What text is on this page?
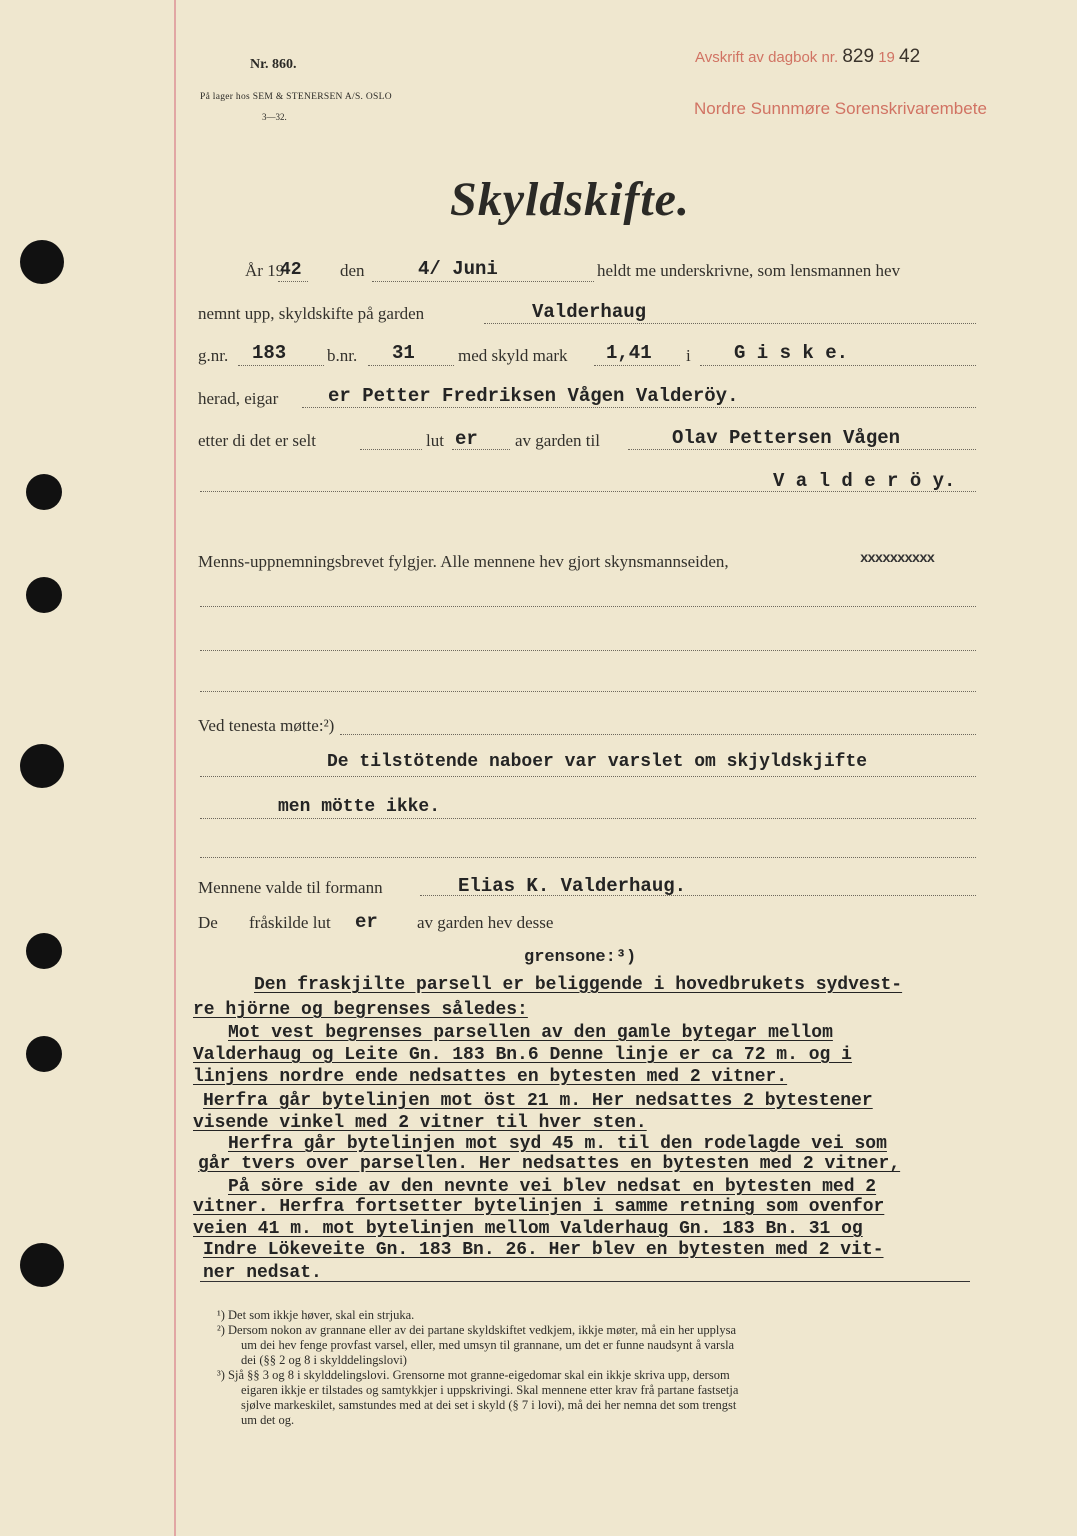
Nr. 860.
På lager hos SEM & STENERSEN A/S. OSLO
3—32.
Avskrift av dagbok nr. 829 19 42
Nordre Sunnmøre Sorenskrivarembete
Skyldskifte.
År 19
42 den	4/ Juni	heldt me underskrivne, som lensmannen hev
nemnt upp, skyldskifte på garden	Valderhaug
g.nr. 183 b.nr. 31	med skyld mark 1,41 i G i s k e.
herad, eigar	er Petter Fredriksen Vågen Valderöy.
etter di det er selt	lut er av garden til	Olav Pettersen Vågen
V a l d e r ö y.
Menns-uppnemningsbrevet fylgjer. Alle mennene hev gjort skynsmannseiden,	xxxxxxxxxx
Ved tenesta møtte:²)
De tilstötende naboer var varslet om skjyldskjifte
men mötte ikke.
Mennene valde til formann	Elias K. Valderhaug.
De fråskilde lut er av garden hev desse
grensone:³)
Den fraskjilte parsell er beliggende i hovedbrukets sydvest-
re hjörne og begrenses således:
Mot vest begrenses parsellen av den gamle bytegar mellom
Valderhaug og Leite Gn. 183 Bn.6 Denne linje er ca 72 m. og i
linjens nordre ende nedsattes en bytesten med 2 vitner.
Herfra går bytelinjen mot öst 21 m. Her nedsattes 2 bytestener
visende vinkel med 2 vitner til hver sten.
Herfra går bytelinjen mot syd 45 m. til den rodelagde vei som
går tvers over parsellen. Her nedsattes en bytesten med 2 vitner,
På söre side av den nevnte vei blev nedsat en bytesten med 2
vitner. Herfra fortsetter bytelinjen i samme retning som ovenfor
veien 41 m. mot bytelinjen mellom Valderhaug Gn. 183 Bn. 31 og
Indre Lökeveite Gn. 183 Bn. 26. Her blev en bytesten med 2 vit-
ner nedsat.
¹) Det som ikkje høver, skal ein strjuka.
²) Dersom nokon av grannane eller av dei partane skyldskiftet vedkjem, ikkje møter, må ein her upplysa
um dei hev fenge provfast varsel, eller, med umsyn til grannane, um det er funne naudsynt å varsla
dei (§§ 2 og 8 i skylddelingslovi)
³) Sjå §§ 3 og 8 i skylddelingslovi. Grensorne mot granne-eigedomar skal ein ikkje skriva upp, dersom
eigaren ikkje er tilstades og samtykkjer i uppskrivingi. Skal mennene etter krav frå partane fastsetja
sjølve markeskilet, samstundes med at dei set i skyld (§ 7 i lovi), må dei her nemna det som trengst
um det og.
